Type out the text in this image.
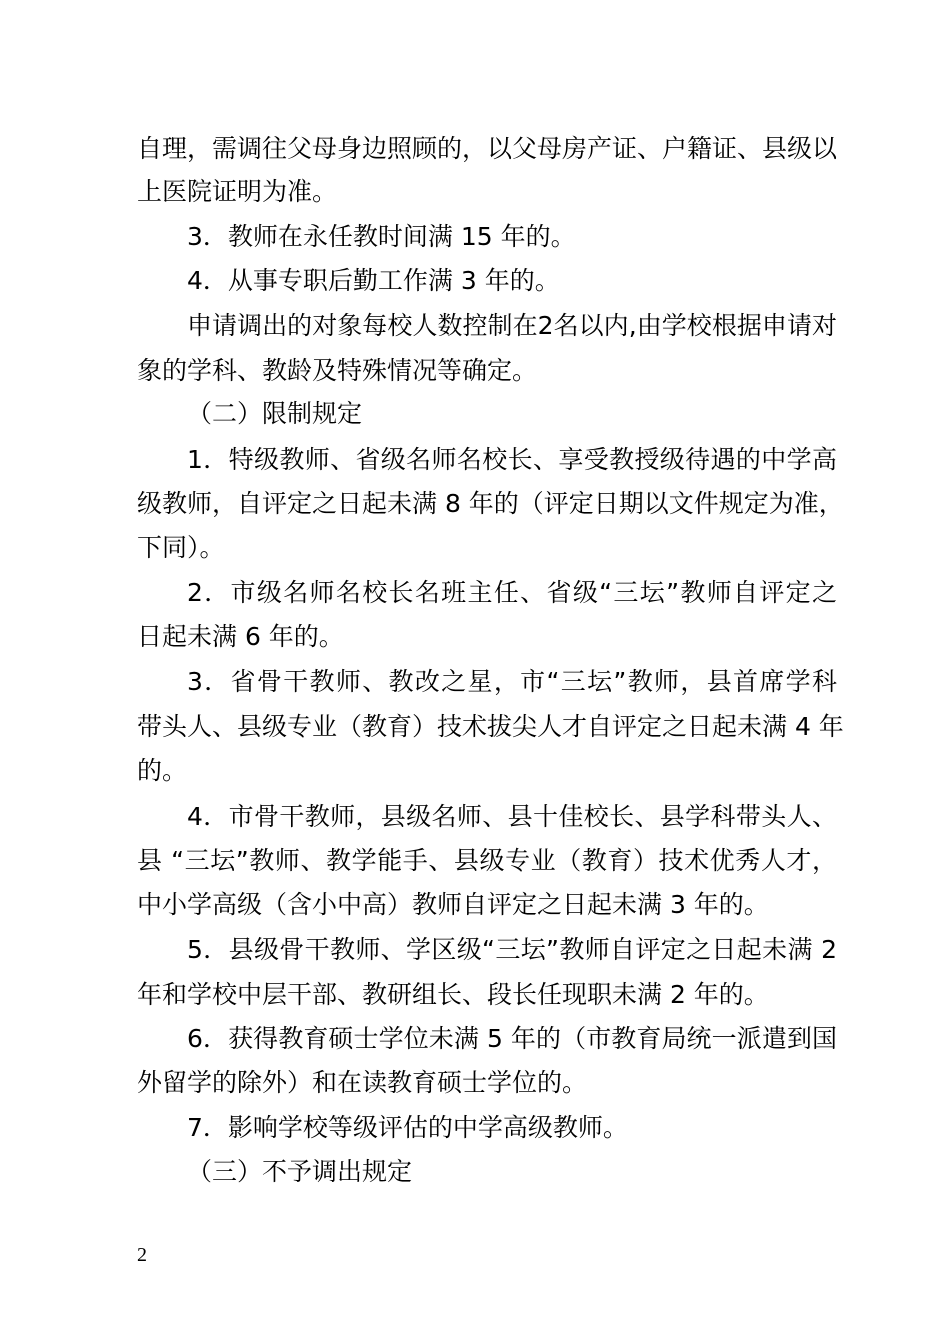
自理，需调往父母身边照顾的，以父母房产证、户籍证、县级以
上医院证明为准。
3．教师在永任教时间满 15 年的。
4．从事专职后勤工作满 3 年的。
申请调出的对象每校人数控制在2名以内,由学校根据申请对
象的学科、教龄及特殊情况等确定。
（二）限制规定
1．特级教师、省级名师名校长、享受教授级待遇的中学高
级教师，自评定之日起未满 8 年的（评定日期以文件规定为准，
下同）。
2．市级名师名校长名班主任、省级“三坛”教师自评定之
日起未满 6 年的。
3．省骨干教师、教改之星，市“三坛”教师，县首席学科
带头人、县级专业（教育）技术拔尖人才自评定之日起未满 4 年
的。
4．市骨干教师，县级名师、县十佳校长、县学科带头人、
县 “三坛”教师、教学能手、县级专业（教育）技术优秀人才，
中小学高级（含小中高）教师自评定之日起未满 3 年的。
5．县级骨干教师、学区级“三坛”教师自评定之日起未满 2
年和学校中层干部、教研组长、段长任现职未满 2 年的。
6．获得教育硕士学位未满 5 年的（市教育局统一派遣到国
外留学的除外）和在读教育硕士学位的。
7．影响学校等级评估的中学高级教师。
（三）不予调出规定
2
